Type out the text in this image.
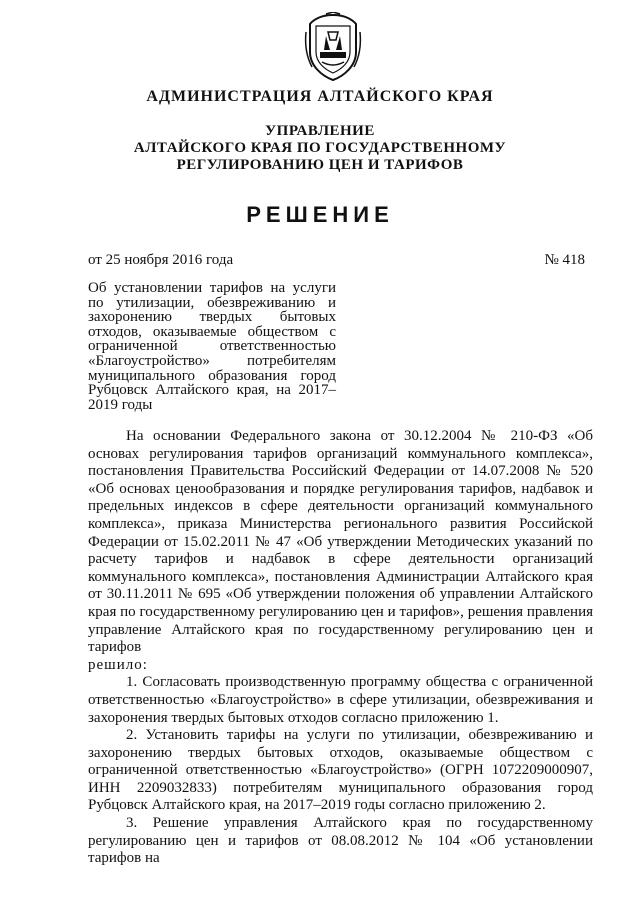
АДМИНИСТРАЦИЯ АЛТАЙСКОГО КРАЯ
УПРАВЛЕНИЕ
АЛТАЙСКОГО КРАЯ ПО ГОСУДАРСТВЕННОМУ
РЕГУЛИРОВАНИЮ ЦЕН И ТАРИФОВ
РЕШЕНИЕ
от 25 ноября 2016 года	№ 418
Об установлении тарифов на услуги по утилизации, обезвреживанию и захоронению твердых бытовых отходов, оказываемые обществом с ограниченной ответственностью «Благоустройство» потребителям муниципального образования город Рубцовск Алтайского края, на 2017–2019 годы

На основании Федерального закона от 30.12.2004 № 210-ФЗ «Об основах регулирования тарифов организаций коммунального комплекса», постановления Правительства Российский Федерации от 14.07.2008 № 520 «Об основах ценообразования и порядке регулирования тарифов, надбавок и предельных индексов в сфере деятельности организаций коммунального комплекса», приказа Министерства регионального развития Российской Федерации от 15.02.2011 № 47 «Об утверждении Методических указаний по расчету тарифов и надбавок в сфере деятельности организаций коммунального комплекса», постановления Администрации Алтайского края от 30.11.2011 № 695 «Об утверждении положения об управлении Алтайского края по государственному регулированию цен и тарифов», решения правления управление Алтайского края по государственному регулированию цен и тарифов

решило:

1. Согласовать производственную программу общества с ограниченной ответственностью «Благоустройство» в сфере утилизации, обезвреживания и захоронения твердых бытовых отходов согласно приложению 1.

2. Установить тарифы на услуги по утилизации, обезвреживанию и захоронению твердых бытовых отходов, оказываемые обществом с ограниченной ответственностью «Благоустройство» (ОГРН 1072209000907, ИНН 2209032833) потребителям муниципального образования город Рубцовск Алтайского края, на 2017–2019 годы согласно приложению 2.

3. Решение управления Алтайского края по государственному регулированию цен и тарифов от 08.08.2012 № 104 «Об установлении тарифов на
